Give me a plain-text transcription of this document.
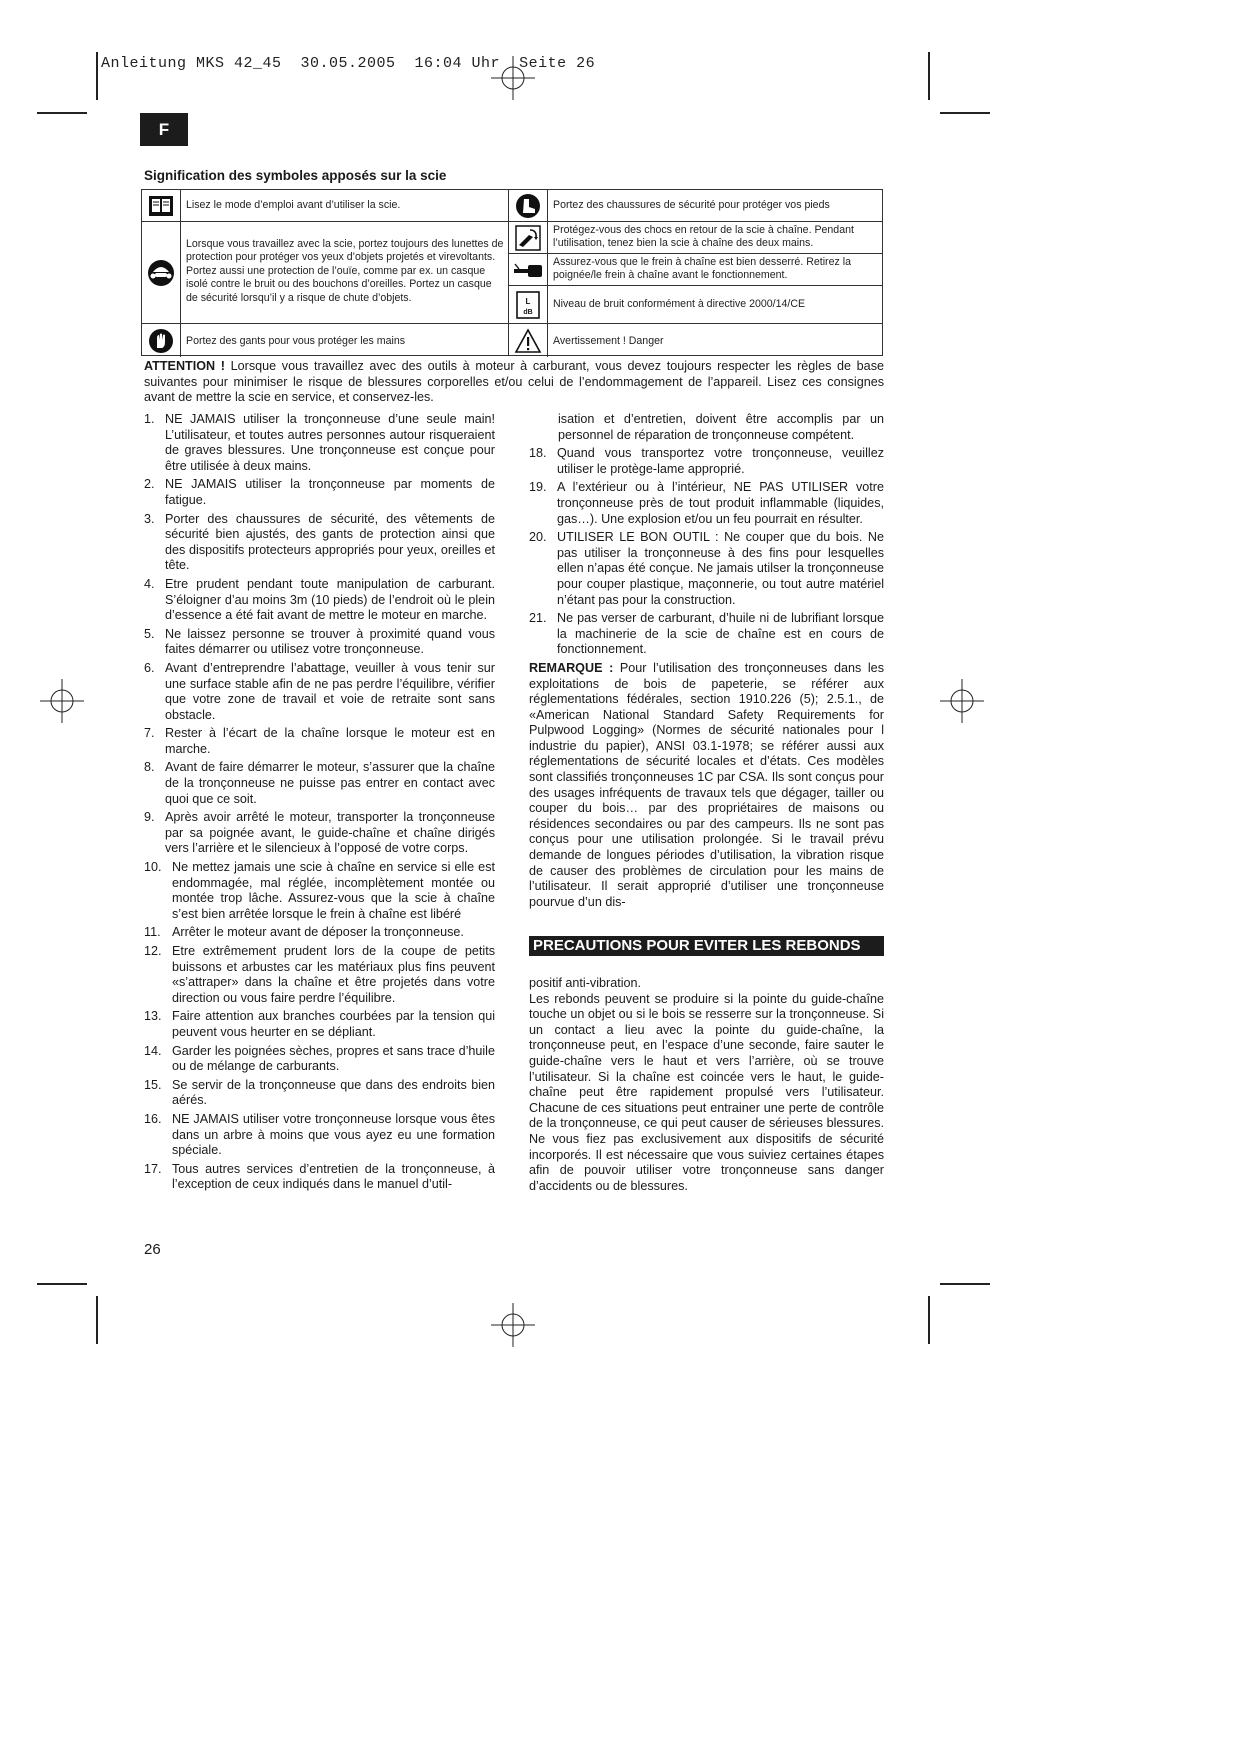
Anleitung MKS 42_45  30.05.2005  16:04 Uhr  Seite 26
F
Signification des symboles apposés sur la scie
Lisez le mode d’emploi avant d’utiliser la scie.
Lorsque vous travaillez avec la scie, portez toujours des lunettes de protection pour protéger vos yeux d’objets projetés et virevoltants. Portez aussi une protection de l’ouïe, comme par ex. un casque isolé contre le bruit ou des bouchons d’oreilles. Portez un casque de sécurité lorsqu’il y a risque de chute d’objets.
Portez des gants pour vous protéger les mains
Portez des chaussures de sécurité pour protéger vos pieds
Protégez-vous des chocs en retour de la scie à chaîne. Pendant l’utilisation, tenez bien la scie à chaîne des deux mains.
Assurez-vous que le frein à chaîne est bien desserré. Retirez la poignée/le frein à chaîne avant le fonctionnement.
L
dB
Niveau de bruit conformément à directive 2000/14/CE
Avertissement ! Danger
ATTENTION ! Lorsque vous travaillez avec des outils à moteur à carburant, vous devez toujours respecter les règles de base suivantes pour minimiser le risque de blessures corporelles et/ou celui de l’endommagement de l’appareil. Lisez ces consignes avant de mettre la scie en service, et conservez-les.
1. NE JAMAIS utiliser la tronçonneuse d’une seule main! L’utilisateur, et toutes autres personnes autour risqueraient de graves blessures. Une tronçonneuse est conçue pour être utilisée à deux mains.
2. NE JAMAIS utiliser la tronçonneuse par moments de fatigue.
3. Porter des chaussures de sécurité, des vêtements de sécurité bien ajustés, des gants de protection ainsi que des dispositifs protecteurs appropriés pour yeux, oreilles et tête.
4. Etre prudent pendant toute manipulation de carburant. S’éloigner d’au moins 3m (10 pieds) de l’endroit où le plein d’essence a été fait avant de mettre le moteur en marche.
5. Ne laissez personne se trouver à proximité quand vous faites démarrer ou utilisez votre tronçonneuse.
6. Avant d’entreprendre l’abattage, veuiller à vous tenir sur une surface stable afin de ne pas perdre l’équilibre, vérifier que votre zone de travail et voie de retraite sont sans obstacle.
7. Rester à l’écart de la chaîne lorsque le moteur est en marche.
8. Avant de faire démarrer le moteur, s’assurer que la chaîne de la tronçonneuse ne puisse pas entrer en contact avec quoi que ce soit.
9. Après avoir arrêté le moteur, transporter la tronçonneuse par sa poignée avant, le guide-chaîne et chaîne dirigés vers l’arrière et le silencieux à l’opposé de votre corps.
10. Ne mettez jamais une scie à chaîne en service si elle est endommagée, mal réglée, incomplètement montée ou montée trop lâche. Assurez-vous que la scie à chaîne s’est bien arrêtée lorsque le frein à chaîne est libéré
11. Arrêter le moteur avant de déposer la tronçonneuse.
12. Etre extrêmement prudent lors de la coupe de petits buissons et arbustes car les matériaux plus fins peuvent «s’attraper» dans la chaîne et être projetés dans votre direction ou vous faire perdre l’équilibre.
13. Faire attention aux branches courbées par la tension qui peuvent vous heurter en se dépliant.
14. Garder les poignées sèches, propres et sans trace d’huile ou de mélange de carburants.
15. Se servir de la tronçonneuse que dans des endroits bien aérés.
16. NE JAMAIS utiliser votre tronçonneuse lorsque vous êtes dans un arbre à moins que vous ayez eu une formation spéciale.
17. Tous autres services d’entretien de la tronçonneuse, à l’exception de ceux indiqués dans le manuel d’util-
isation et d’entretien, doivent être accomplis par un personnel de réparation de tronçonneuse compétent.
18. Quand vous transportez votre tronçonneuse, veuillez utiliser le protège-lame approprié.
19. A l’extérieur ou à l’intérieur, NE PAS UTILISER votre tronçonneuse près de tout produit inflammable (liquides, gas…). Une explosion et/ou un feu pourrait en résulter.
20. UTILISER LE BON OUTIL : Ne couper que du bois. Ne pas utiliser la tronçonneuse à des fins pour lesquelles ellen n’apas été conçue. Ne jamais utilser la tronçonneuse pour couper plastique, maçonnerie, ou tout autre matériel n’étant pas pour la construction.
21. Ne pas verser de carburant, d’huile ni de lubrifiant lorsque la machinerie de la scie de chaîne est en cours de fonctionnement.
REMARQUE : Pour l’utilisation des tronçonneuses dans les exploitations de bois de papeterie, se référer aux réglementations fédérales, section 1910.226 (5); 2.5.1., de «American National Standard Safety Requirements for Pulpwood Logging» (Normes de sécurité nationales pour l industrie du papier), ANSI 03.1-1978; se référer aussi aux réglementations de sécurité locales et d’états. Ces modèles sont classifiés tronçonneuses 1C par CSA. Ils sont conçus pour des usages infréquents de travaux tels que dégager, tailler ou couper du bois… par des propriétaires de maisons ou résidences secondaires ou par des campeurs. Ils ne sont pas conçus pour une utilisation prolongée. Si le travail prévu demande de longues périodes d’utilisation, la vibration risque de causer des problèmes de circulation pour les mains de l’utilisateur. Il serait approprié d’utiliser une tronçonneuse pourvue d’un dis-
PRECAUTIONS POUR EVITER LES REBONDS
positif anti-vibration.
Les rebonds peuvent se produire si la pointe du guide-chaîne touche un objet ou si le bois se resserre sur la tronçonneuse. Si un contact a lieu avec la pointe du guide-chaîne, la tronçonneuse peut, en l’espace d’une seconde, faire sauter le guide-chaîne vers le haut et vers l’arrière, où se trouve l’utilisateur. Si la chaîne est coincée vers le haut, le guide-chaîne peut être rapidement propulsé vers l’utilisateur. Chacune de ces situations peut entrainer une perte de contrôle de la tronçonneuse, ce qui peut causer de sérieuses blessures. Ne vous fiez pas exclusivement aux dispositifs de sécurité incorporés. Il est nécessaire que vous suiviez certaines étapes afin de pouvoir utiliser votre tronçonneuse sans danger d’accidents ou de blessures.
26
